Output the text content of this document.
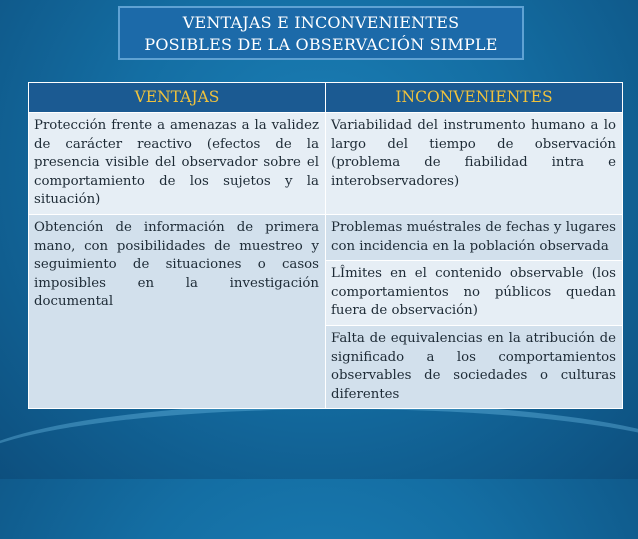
VENTAJAS E INCONVENIENTES
POSIBLES DE LA OBSERVACIÓN SIMPLE
VENTAJAS	INCONVENIENTES
Protección frente a amenazas a la validez de carácter reactivo (efectos de la presencia visible del observador sobre el comportamiento de los sujetos y la situación)	Variabilidad del instrumento humano a lo largo del tiempo de observación (problema de fiabilidad intra e interobservadores)
Obtención de información de primera mano, con posibilidades de muestreo y seguimiento de situaciones o casos imposibles en la investigación documental	Problemas muéstrales de fechas y lugares con incidencia en la población observada
	LÎmites en el contenido observable (los comportamientos no públicos quedan fuera de observación)
	Falta de equivalencias en la atribución de significado a los comportamientos observables de sociedades o culturas diferentes
